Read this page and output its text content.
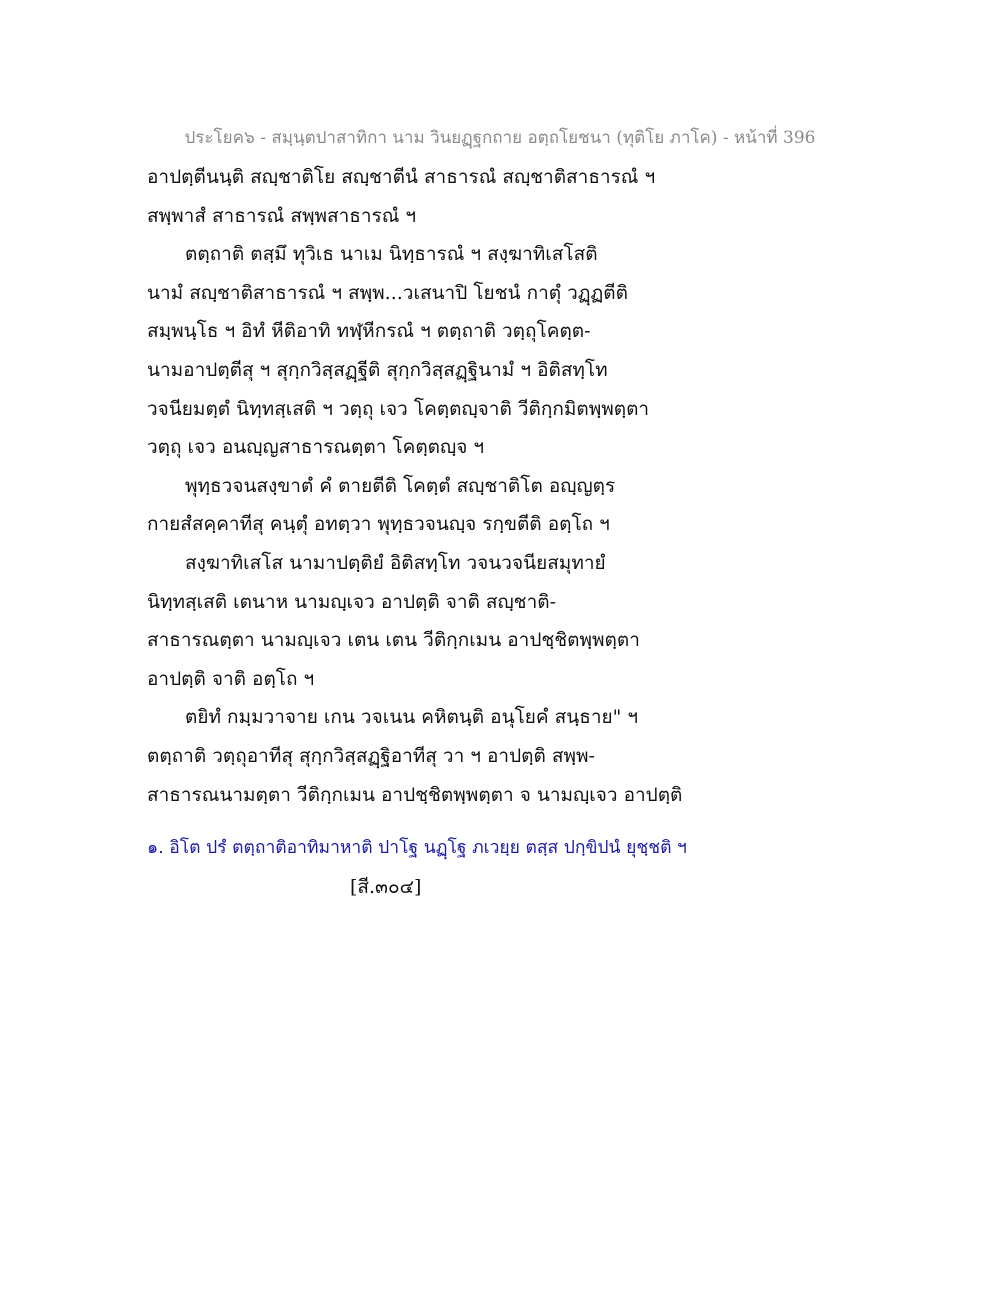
ประโยค๖ - สมฺนฺตปาสาทิกา นาม วินยฏฺฐกถาย อตฺถโยชนา (ทุติโย ภาโค) - หน้าที่ 396
อาปตฺตีนนฺติ สญฺชาติโย สญฺชาตีนํ สาธารณํ สญฺชาติสาธารณํ ฯ
สพฺพาสํ สาธารณํ สพฺพสาธารณํ ฯ
ตตฺถาติ ตสฺมึ ทุวิเธ นาเม นิทฺธารณํ ฯ สงฺฆาทิเสโสติ
นามํ สญฺชาติสาธารณํ ฯ สพฺพ...วเสนาปิ โยชนํ กาตุํ วฏฺฏตีติ
สมฺพนฺโธ ฯ อิทํ หีติอาทิ ทฬฺหีกรณํ ฯ ตตฺถาติ วตฺถุโคตฺต-
นามอาปตฺตีสุ ฯ สุกฺกวิสฺสฏฺฐีติ สุกฺกวิสฺสฏฺฐินามํ ฯ อิติสทฺโท
วจนียมตฺตํ นิทฺทสฺเสติ ฯ วตฺถุ เจว โคตฺตญฺจาติ วีติกฺกมิตพฺพตฺตา
วตฺถุ เจว อนญฺญสาธารณตฺตา โคตฺตญฺจ ฯ
พุทฺธวจนสงฺขาตํ คํ ตายตีติ โคตฺตํ สญฺชาติโต อญฺญตฺร
กายสํสคฺคาทีสุ คนฺตุํ อทตฺวา พุทฺธวจนญฺจ รกฺขตีติ อตฺโถ ฯ
สงฺฆาทิเสโส นามาปตฺติยํ อิติสทฺโท วจนวจนียสมุทายํ
นิทฺทสฺเสติ เตนาห นามญฺเจว อาปตฺติ จาติ สญฺชาติ-
สาธารณตฺตา นามญฺเจว เตน เตน วีติกฺกเมน อาปชฺชิตพฺพตฺตา
อาปตฺติ จาติ อตฺโถ ฯ
ตยิทํ กมฺมวาจาย เกน วจเนน คหิตนฺติ อนุโยคํ สนฺธาย" ฯ
ตตฺถาติ วตฺถุอาทีสุ สุกฺกวิสฺสฏฺฐิอาทีสุ วา ฯ อาปตฺติ สพฺพ-
สาธารณนามตฺตา วีติกฺกเมน อาปชฺชิตพฺพตฺตา จ นามญฺเจว อาปตฺติ
๑. อิโต ปรํ ตตฺถาติอาทิมาหาติ ปาโฐ นฏฺโฐ ภเวยฺย ตสฺส ปกฺขิปนํ ยุชฺชติ ฯ
[สี.๓๐๔]
